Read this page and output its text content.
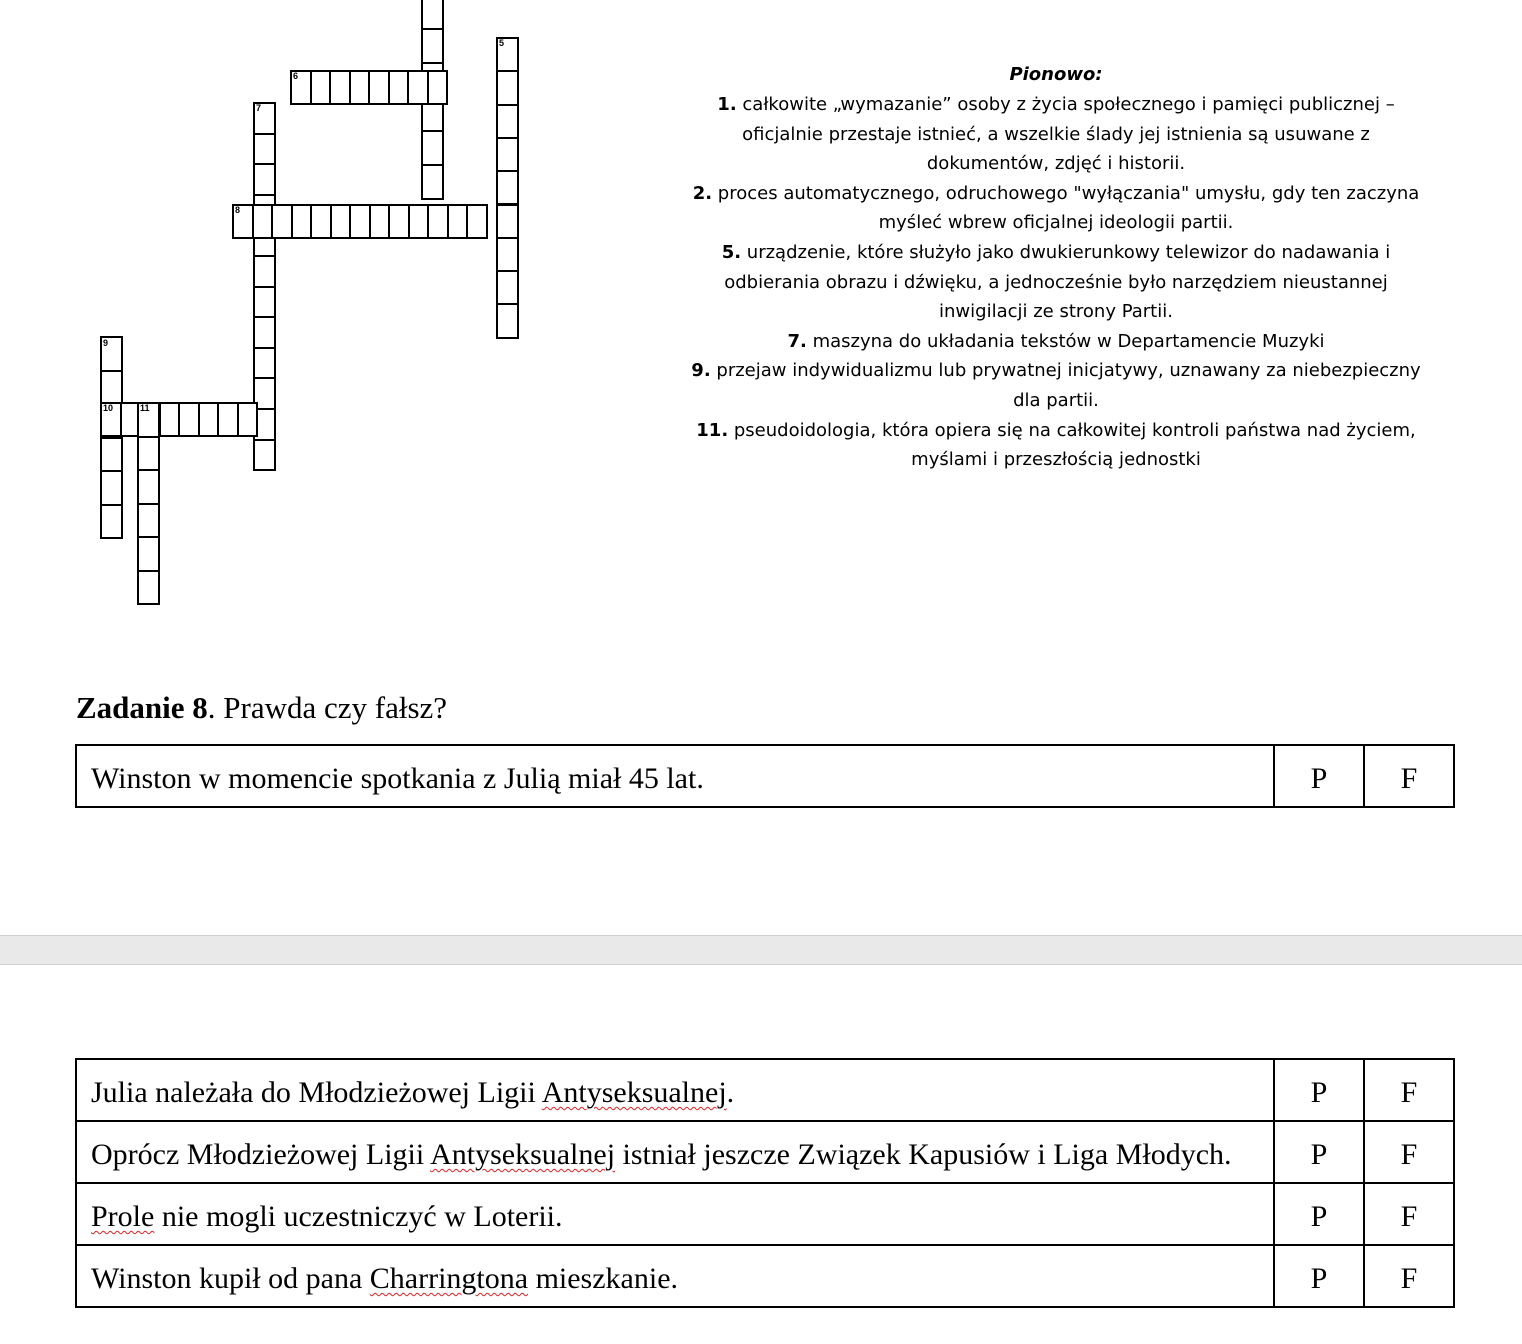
5
6
7
8
9
10	11
Pionowo:
1. całkowite „wymazanie” osoby z życia społecznego i pamięci publicznej – oficjalnie przestaje istnieć, a wszelkie ślady jej istnienia są usuwane z dokumentów, zdjęć i historii.
2. proces automatycznego, odruchowego "wyłączania" umysłu, gdy ten zaczyna myśleć wbrew oficjalnej ideologii partii.
5. urządzenie, które służyło jako dwukierunkowy telewizor do nadawania i odbierania obrazu i dźwięku, a jednocześnie było narzędziem nieustannej inwigilacji ze strony Partii.
7. maszyna do układania tekstów w Departamencie Muzyki
9. przejaw indywidualizmu lub prywatnej inicjatywy, uznawany za niebezpieczny dla partii.
11. pseudoidologia, która opiera się na całkowitej kontroli państwa nad życiem, myślami i przeszłością jednostki
Zadanie 8. Prawda czy fałsz?
Winston w momencie spotkania z Julią miał 45 lat.	P	F
Julia należała do Młodzieżowej Ligii Antyseksualnej.	P	F
Oprócz Młodzieżowej Ligii Antyseksualnej istniał jeszcze Związek Kapusiów i Liga Młodych.	P	F
Prole nie mogli uczestniczyć w Loterii.	P	F
Winston kupił od pana Charringtona mieszkanie.	P	F
